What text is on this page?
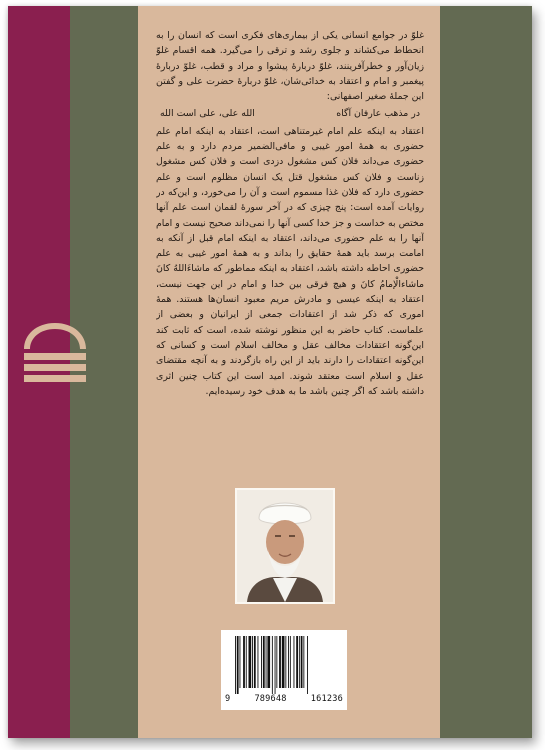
غلوّ در جوامع انسانی یکی از بیماری‌های فکری است که انسان را به انحطاط می‌کشاند و جلوی رشد و ترقی را می‌گیرد. همه اقسام غلوّ زیان‌آور و خطرآفرینند، غلوّ دربارهٔ پیشوا و مراد و قطب، غلوّ دربارهٔ پیغمبر و امام و اعتقاد به خدائی‌شان، غلوّ دربارهٔ حضرت علی و گفتن این جملهٔ صغیر اصفهانی:

در مذهب عارفان آگاه
الله علی، علی است الله

اعتقاد به اینکه علم امام غیرمتناهی است، اعتقاد به اینکه امام علم حضوری به همهٔ امور غیبی و مافی‌الضمیر مردم دارد و به علم حضوری می‌داند فلان کس مشغول دزدی است و فلان کس مشغول زناست و فلان کس مشغول قتل یک انسان مظلوم است و علم حضوری دارد که فلان غذا مسموم است و آن را می‌خورد، و این‌که در روایات آمده است: پنج چیزی که در آخر سورهٔ لقمان است علم آنها مختص به خداست و جز خدا کسی آنها را نمی‌داند صحیح نیست و امام آنها را به علم حضوری می‌داند، اعتقاد به اینکه امام قبل از آنکه به امامت برسد باید همهٔ حقایق را بداند و به همهٔ امور غیبی به علم حضوری احاطه داشته باشد، اعتقاد به اینکه مماطور که ماشاءَاللهُ کانَ ماشاءالْإمامُ کانَ و هیچ فرقی بین خدا و امام در این جهت نیست، اعتقاد به اینکه عیسی و مادرش مریم معبود انسان‌ها هستند. همهٔ اموری که ذکر شد از اعتقادات جمعی از ایرانیان و بعضی از علماست. کتاب حاضر به این منظور نوشته شده، است که ثابت کند این‌گونه اعتقادات مخالف عقل و مخالف اسلام است و کسانی که این‌گونه اعتقادات را دارند باید از این راه بازگردند و به آنچه مقتضای عقل و اسلام است معتقد شوند. امید است این کتاب چنین اثری داشته باشد که اگر چنین باشد ما به هدف خود رسیده‌ایم.

9	789648	161236
